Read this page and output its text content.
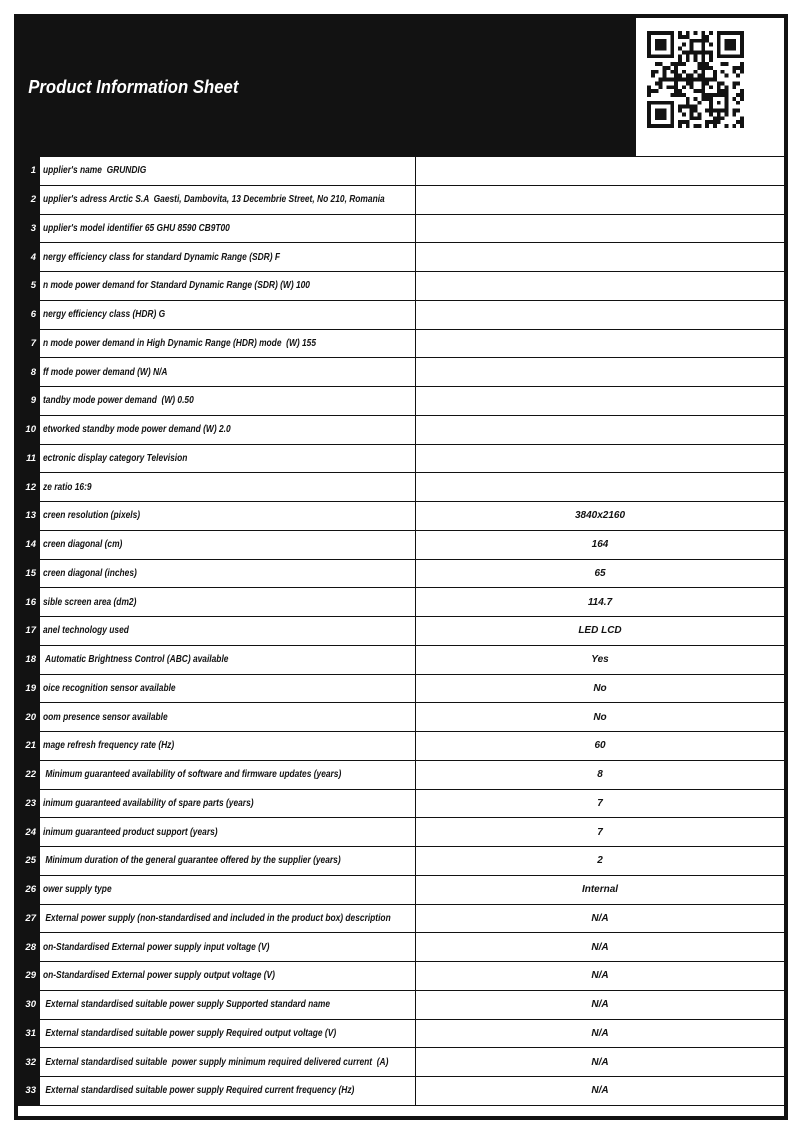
Product Information Sheet
1 upplier's name  GRUNDIG
2 upplier's adress Arctic S.A  Gaesti, Dambovita, 13 Decembrie Street, No 210, Romania
3 upplier's model identifier 65 GHU 8590 CB9T00
4 nergy efficiency class for standard Dynamic Range (SDR) F
5 n mode power demand for Standard Dynamic Range (SDR) (W) 100
6 nergy efficiency class (HDR) G
7 n mode power demand in High Dynamic Range (HDR) mode  (W) 155
8 ff mode power demand (W) N/A
9 tandby mode power demand  (W) 0.50
10 etworked standby mode power demand (W) 2.0
11 ectronic display category Television
12 ze ratio 16:9
13 creen resolution (pixels)	3840x2160
14 creen diagonal (cm)	164
15 creen diagonal (inches)	65
16 sible screen area (dm2)	114.7
17 anel technology used	LED LCD
18 Automatic Brightness Control (ABC) available	Yes
19 oice recognition sensor available	No
20 oom presence sensor available	No
21 mage refresh frequency rate (Hz)	60
22 Minimum guaranteed availability of software and firmware updates (years)	8
23 inimum guaranteed availability of spare parts (years)	7
24 inimum guaranteed product support (years)	7
25 Minimum duration of the general guarantee offered by the supplier (years)	2
26 ower supply type	Internal
27 External power supply (non-standardised and included in the product box) description	N/A
28 on-Standardised External power supply input voltage (V)	N/A
29 on-Standardised External power supply output voltage (V)	N/A
30 External standardised suitable power supply Supported standard name	N/A
31 External standardised suitable power supply Required output voltage (V)	N/A
32 External standardised suitable  power supply minimum required delivered current  (A)	N/A
33 External standardised suitable power supply Required current frequency (Hz)	N/A
